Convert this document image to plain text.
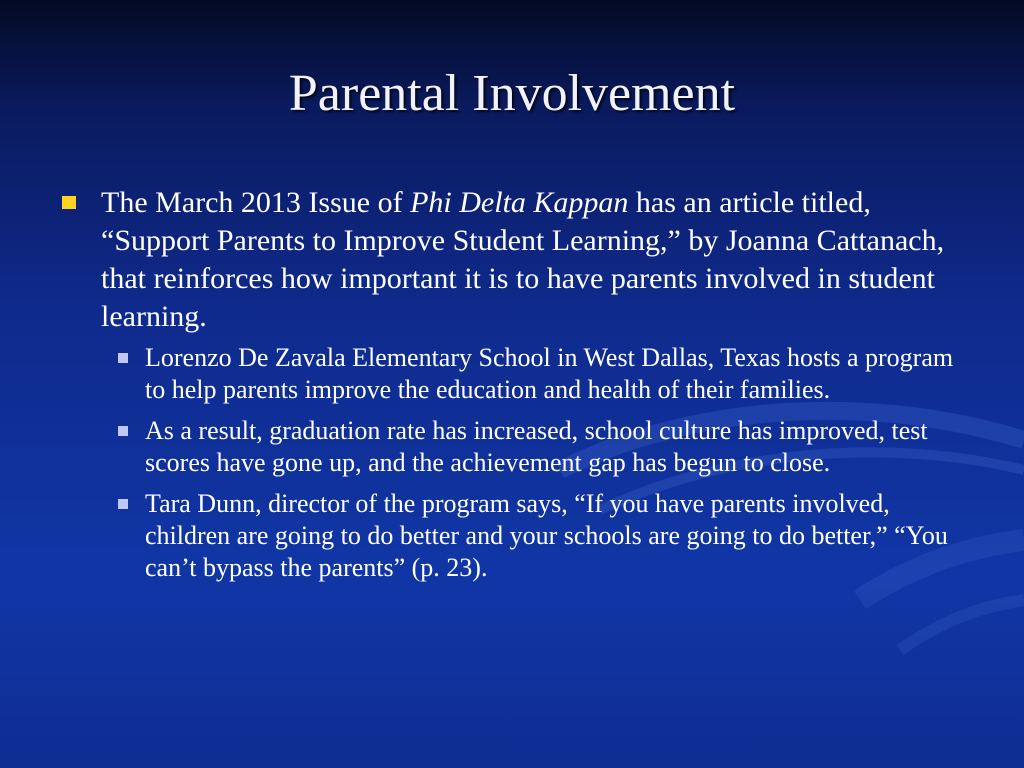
Parental Involvement
The March 2013 Issue of Phi Delta Kappan has an article titled, “Support Parents to Improve Student Learning,” by Joanna Cattanach, that reinforces how important it is to have parents involved in student learning.
Lorenzo De Zavala Elementary School in West Dallas, Texas hosts a program to help parents improve the education and health of their families.
As a result, graduation rate has increased, school culture has improved, test scores have gone up, and the achievement gap has begun to close.
Tara Dunn, director of the program says, “If you have parents involved, children are going to do better and your schools are going to do better,” “You can’t bypass the parents” (p. 23).
